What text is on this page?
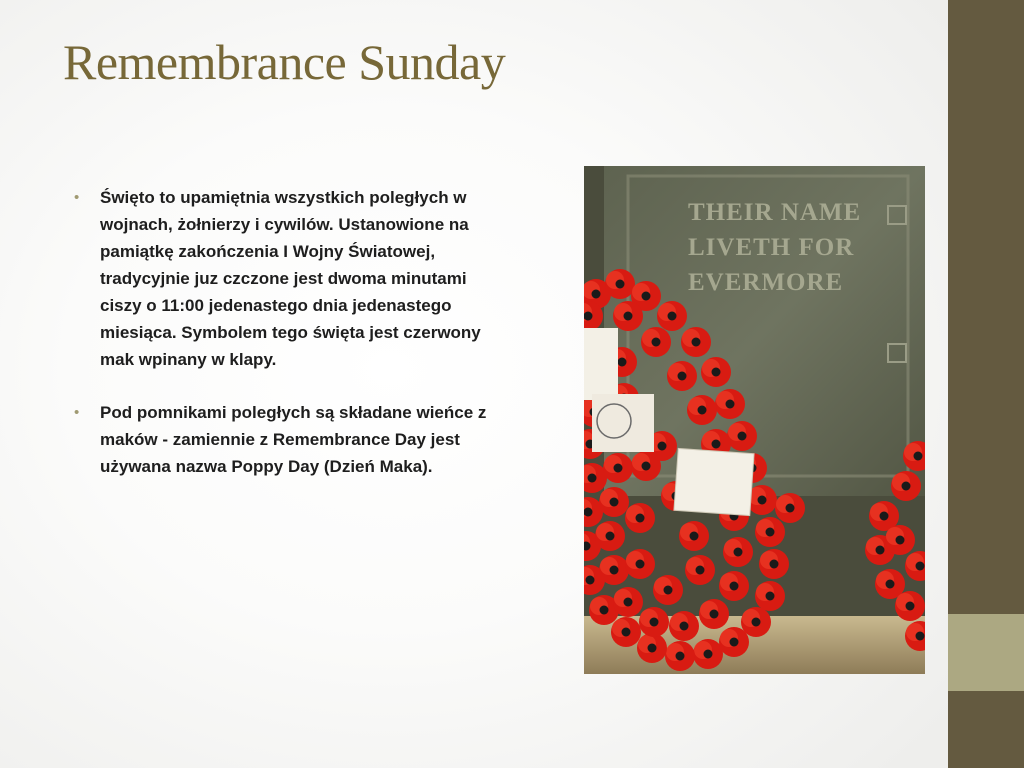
Remembrance Sunday
• Święto to upamiętnia wszystkich poległych w wojnach, żołnierzy i cywilów. Ustanowione na pamiątkę zakończenia I Wojny Światowej, tradycyjnie juz czczone jest dwoma minutami ciszy o 11:00 jedenastego dnia jedenastego miesiąca. Symbolem tego święta jest czerwony mak wpinany w klapy.
• Pod pomnikami poległych są składane wieńce z maków - zamiennie z Remembrance Day jest używana nazwa Poppy Day (Dzień Maka).
THEIR NAME
LIVETH FOR
EVERMORE
